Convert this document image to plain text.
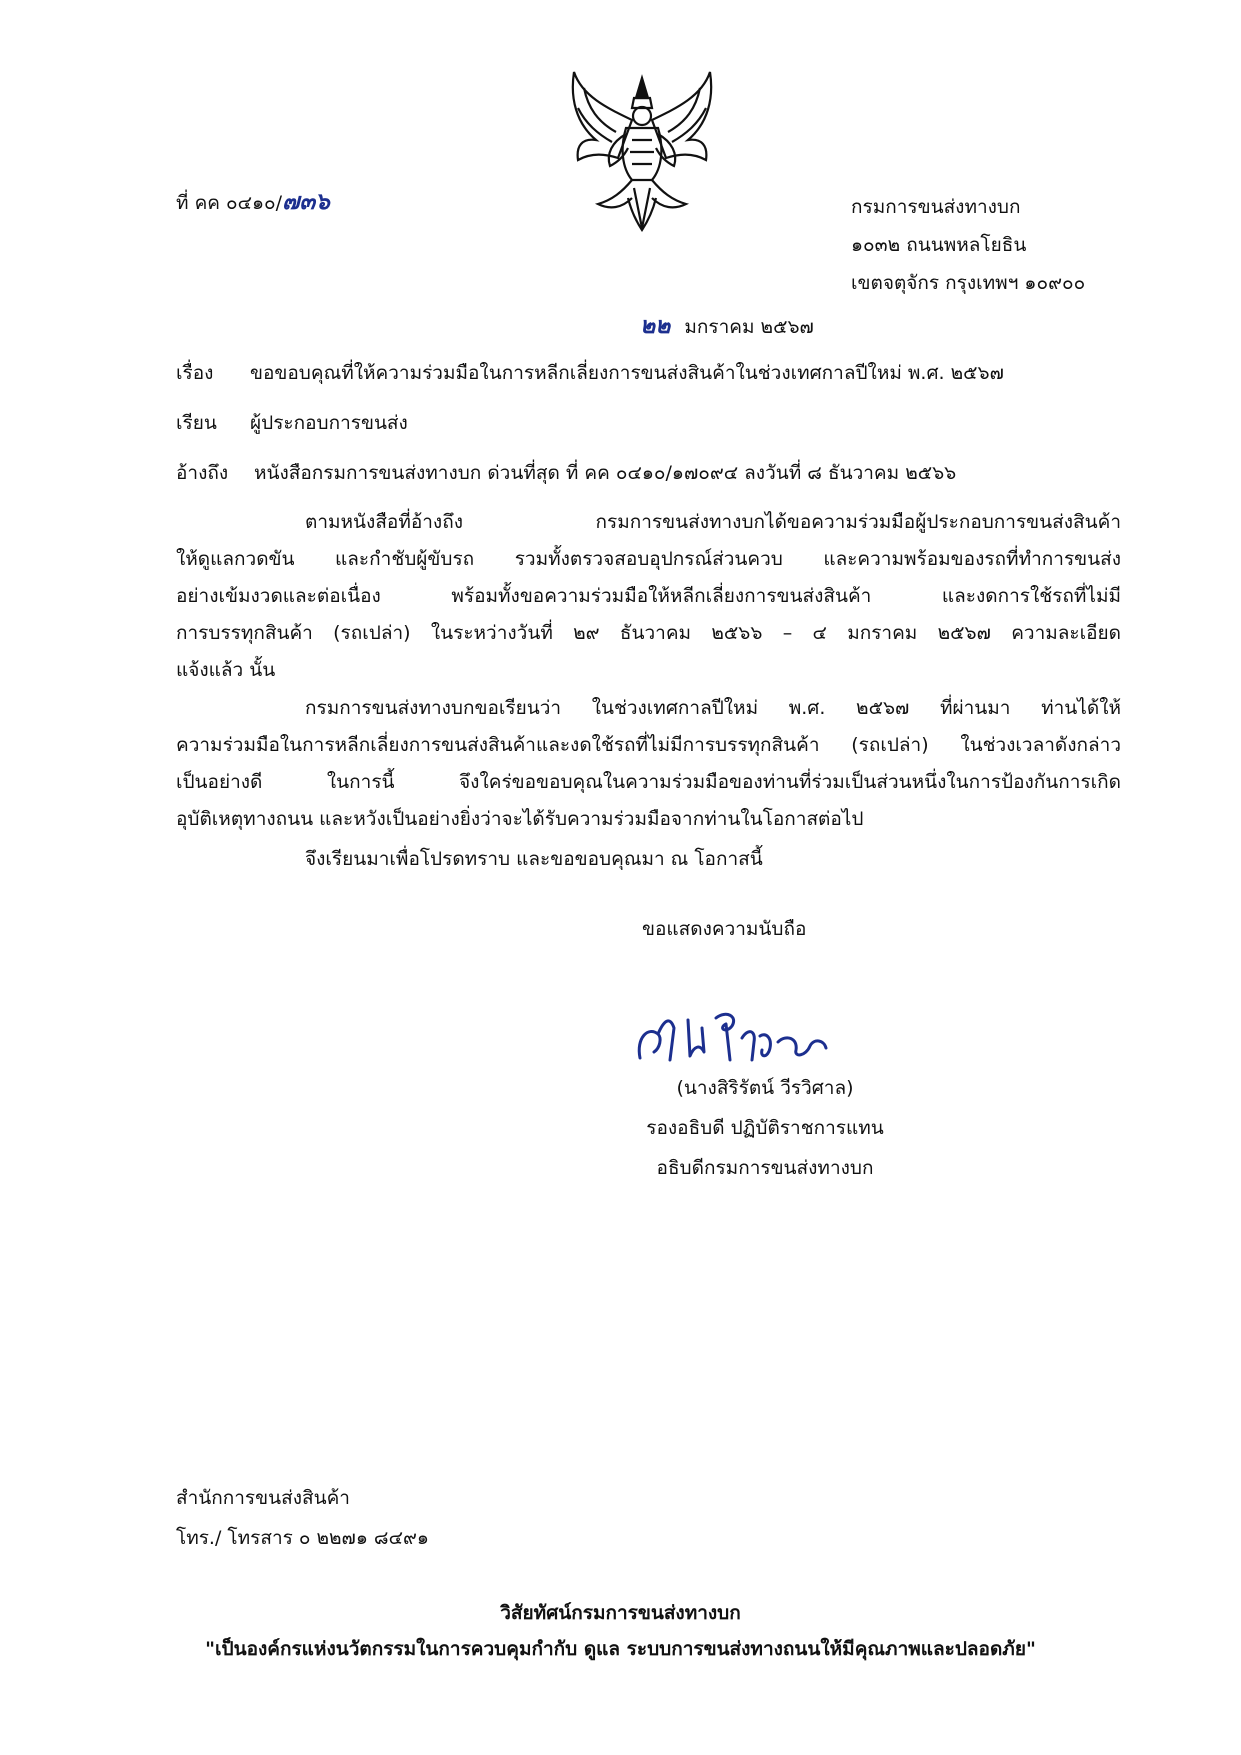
ที่ คค ๐๔๑๐/๗๓๖	กรมการขนส่งทางบก
๑๐๓๒ ถนนพหลโยธิน
เขตจตุจักร กรุงเทพฯ ๑๐๙๐๐
๒๒ มกราคม ๒๕๖๗
เรื่อง ขอขอบคุณที่ให้ความร่วมมือในการหลีกเลี่ยงการขนส่งสินค้าในช่วงเทศกาลปีใหม่ พ.ศ. ๒๕๖๗
เรียน ผู้ประกอบการขนส่ง
อ้างถึง หนังสือกรมการขนส่งทางบก ด่วนที่สุด ที่ คค ๐๔๑๐/๑๗๐๙๔ ลงวันที่ ๘ ธันวาคม ๒๕๖๖
ตามหนังสือที่อ้างถึง กรมการขนส่งทางบกได้ขอความร่วมมือผู้ประกอบการขนส่งสินค้า
ให้ดูแลกวดขัน และกำชับผู้ขับรถ รวมทั้งตรวจสอบอุปกรณ์ส่วนควบ และความพร้อมของรถที่ทำการขนส่ง
อย่างเข้มงวดและต่อเนื่อง พร้อมทั้งขอความร่วมมือให้หลีกเลี่ยงการขนส่งสินค้า และงดการใช้รถที่ไม่มี
การบรรทุกสินค้า (รถเปล่า) ในระหว่างวันที่ ๒๙ ธันวาคม ๒๕๖๖ – ๔ มกราคม ๒๕๖๗ ความละเอียด
แจ้งแล้ว นั้น
กรมการขนส่งทางบกขอเรียนว่า ในช่วงเทศกาลปีใหม่ พ.ศ. ๒๕๖๗ ที่ผ่านมา ท่านได้ให้
ความร่วมมือในการหลีกเลี่ยงการขนส่งสินค้าและงดใช้รถที่ไม่มีการบรรทุกสินค้า (รถเปล่า) ในช่วงเวลาดังกล่าว
เป็นอย่างดี ในการนี้ จึงใคร่ขอขอบคุณในความร่วมมือของท่านที่ร่วมเป็นส่วนหนึ่งในการป้องกันการเกิด
อุบัติเหตุทางถนน และหวังเป็นอย่างยิ่งว่าจะได้รับความร่วมมือจากท่านในโอกาสต่อไป
จึงเรียนมาเพื่อโปรดทราบ และขอขอบคุณมา ณ โอกาสนี้
ขอแสดงความนับถือ
(นางสิริรัตน์ วีรวิศาล)
รองอธิบดี ปฏิบัติราชการแทน
อธิบดีกรมการขนส่งทางบก
สำนักการขนส่งสินค้า
โทร./ โทรสาร ๐ ๒๒๗๑ ๘๔๙๑
วิสัยทัศน์กรมการขนส่งทางบก
"เป็นองค์กรแห่งนวัตกรรมในการควบคุมกำกับ ดูแล ระบบการขนส่งทางถนนให้มีคุณภาพและปลอดภัย"
